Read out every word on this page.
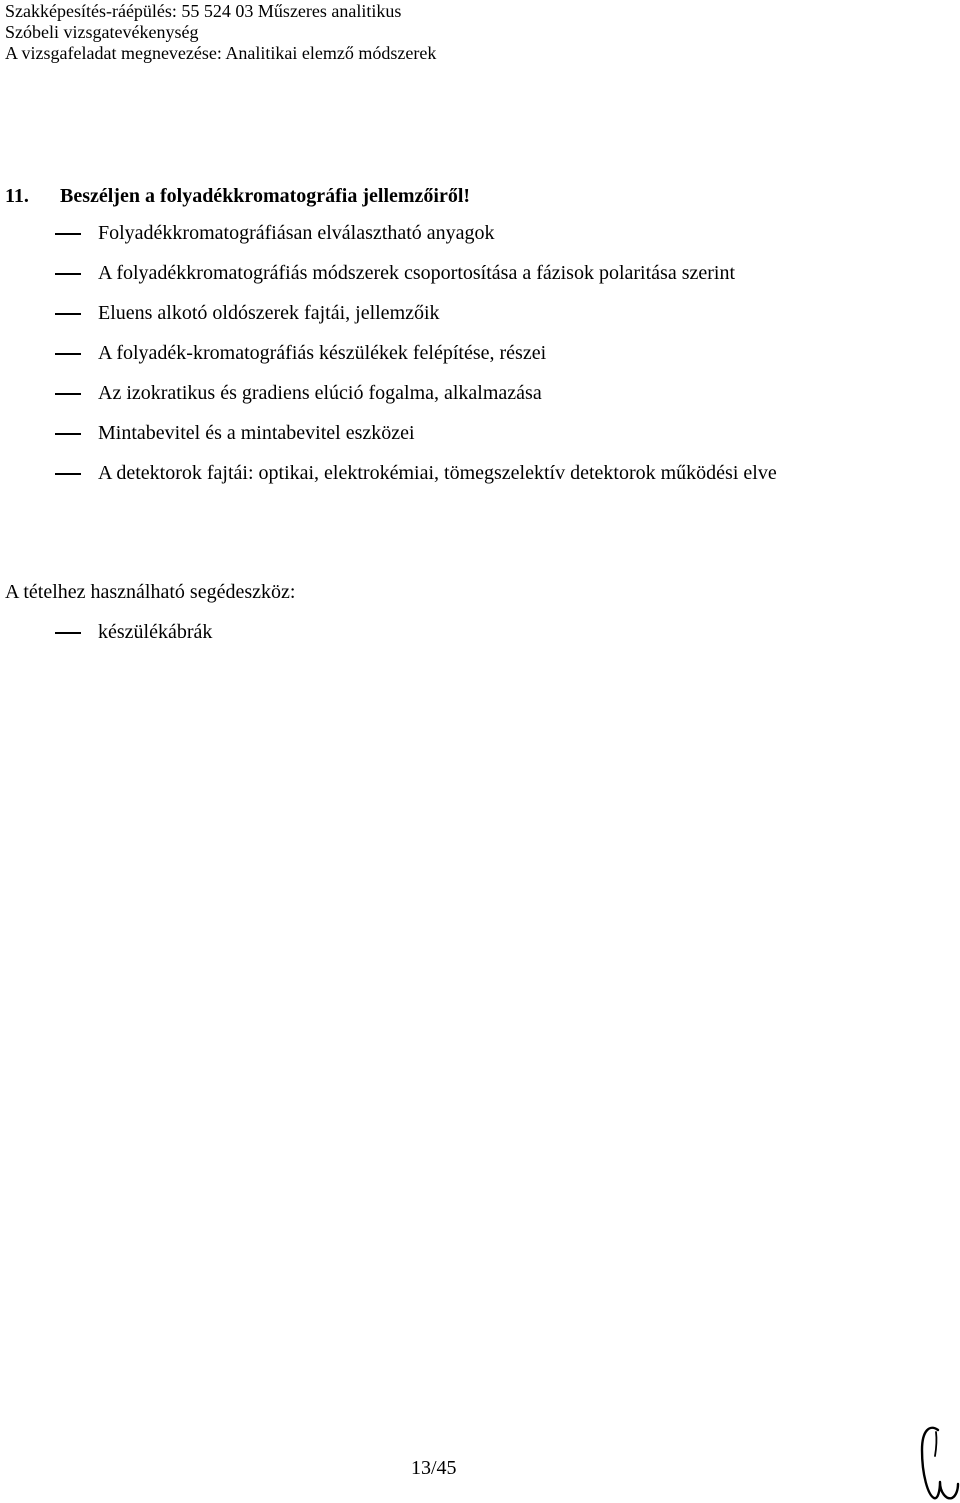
Szakképesítés-ráépülés: 55 524 03 Műszeres analitikus
Szóbeli vizsgatevékenység
A vizsgafeladat megnevezése: Analitikai elemző módszerek
11. Beszéljen a folyadékkromatográfia jellemzőiről!
Folyadékkromatográfiásan elválasztható anyagok
A folyadékkromatográfiás módszerek csoportosítása a fázisok polaritása szerint
Eluens alkotó oldószerek fajtái, jellemzőik
A folyadék-kromatográfiás készülékek felépítése, részei
Az izokratikus és gradiens elúció fogalma, alkalmazása
Mintabevitel és a mintabevitel eszközei
A detektorok fajtái: optikai, elektrokémiai, tömegszelektív detektorok működési elve
A tételhez használható segédeszköz:
készülékábrák
13/45
